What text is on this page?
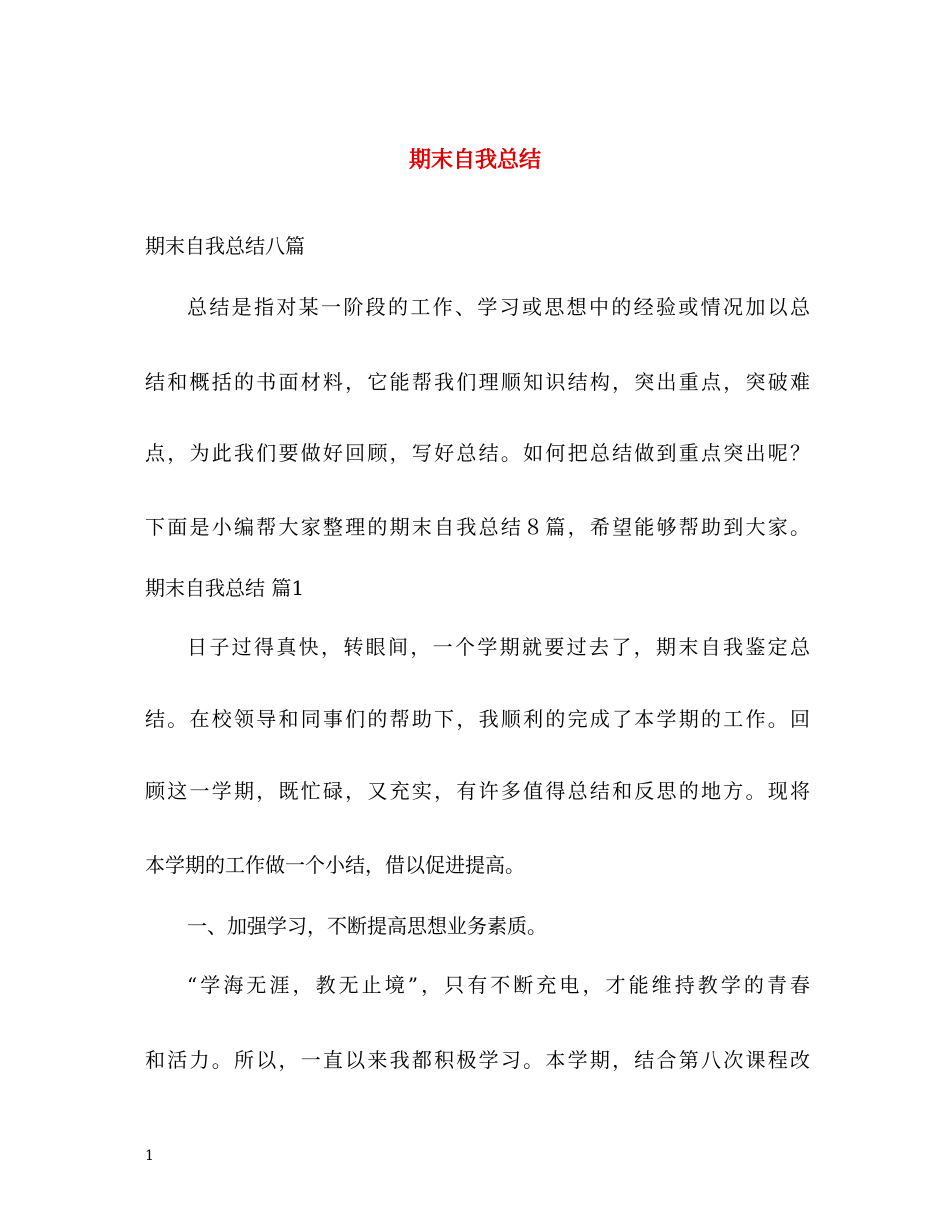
期末自我总结
期末自我总结八篇
总结是指对某一阶段的工作、学习或思想中的经验或情况加以总
结和概括的书面材料，它能帮我们理顺知识结构，突出重点，突破难
点，为此我们要做好回顾，写好总结。如何把总结做到重点突出呢？
下面是小编帮大家整理的期末自我总结８篇，希望能够帮助到大家。
期末自我总结 篇1
日子过得真快，转眼间，一个学期就要过去了，期末自我鉴定总
结。在校领导和同事们的帮助下，我顺利的完成了本学期的工作。回
顾这一学期，既忙碌，又充实，有许多值得总结和反思的地方。现将
本学期的工作做一个小结，借以促进提高。
一、加强学习，不断提高思想业务素质。
“学海无涯，教无止境”，只有不断充电，才能维持教学的青春
和活力。所以，一直以来我都积极学习。本学期，结合第八次课程改
1
